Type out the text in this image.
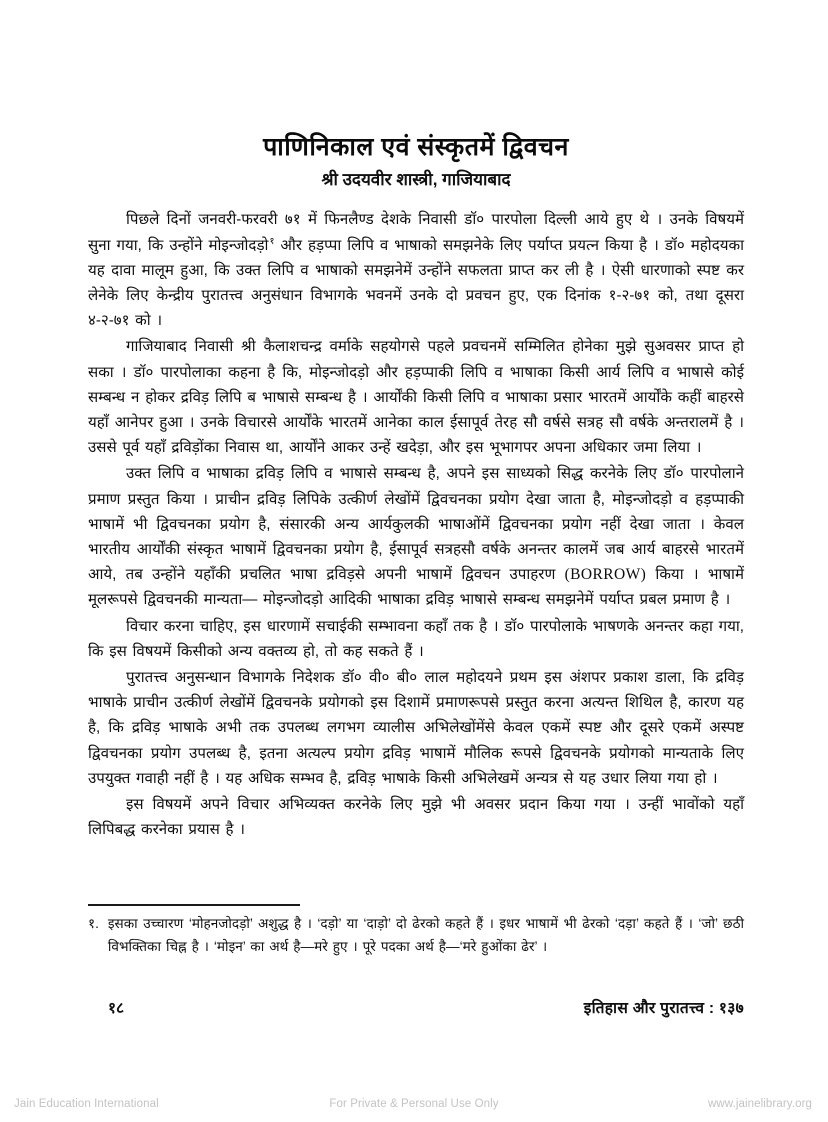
पाणिनिकाल एवं संस्कृतमें द्विवचन
श्री उदयवीर शास्त्री, गाजियाबाद

पिछले दिनों जनवरी-फरवरी ७१ में फिनलैण्ड देशके निवासी डॉ० पारपोला दिल्ली आये हुए थे । उनके विषयमें सुना गया, कि उन्होंने मोइन्जोदड़ो$^१$ और हड़प्पा लिपि व भाषाको समझनेके लिए पर्याप्त प्रयत्न किया है । डॉ० महोदयका यह दावा मालूम हुआ, कि उक्त लिपि व भाषाको समझनेमें उन्होंने सफलता प्राप्त कर ली है । ऐसी धारणाको स्पष्ट कर लेनेके लिए केन्द्रीय पुरातत्त्व अनुसंधान विभागके भवनमें उनके दो प्रवचन हुए, एक दिनांक १-२-७१ को, तथा दूसरा ४-२-७१ को ।

गाजियाबाद निवासी श्री कैलाशचन्द्र वर्माके सहयोगसे पहले प्रवचनमें सम्मिलित होनेका मुझे सुअवसर प्राप्त हो सका । डॉ० पारपोलाका कहना है कि, मोइन्जोदड़ो और हड़प्पाकी लिपि व भाषाका किसी आर्य लिपि व भाषासे कोई सम्बन्ध न होकर द्रविड़ लिपि ब भाषासे सम्बन्ध है । आर्योंकी किसी लिपि व भाषाका प्रसार भारतमें आर्योंके कहीं बाहरसे यहाँ आनेपर हुआ । उनके विचारसे आर्योंके भारतमें आनेका काल ईसापूर्व तेरह सौ वर्षसे सत्रह सौ वर्षके अन्तरालमें है । उससे पूर्व यहाँ द्रविड़ोंका निवास था, आर्योंने आकर उन्हें खदेड़ा, और इस भूभागपर अपना अधिकार जमा लिया ।

उक्त लिपि व भाषाका द्रविड़ लिपि व भाषासे सम्बन्ध है, अपने इस साध्यको सिद्ध करनेके लिए डॉ० पारपोलाने प्रमाण प्रस्तुत किया । प्राचीन द्रविड़ लिपिके उत्कीर्ण लेखोंमें द्विवचनका प्रयोग देखा जाता है, मोइन्जोदड़ो व हड़प्पाकी भाषामें भी द्विवचनका प्रयोग है, संसारकी अन्य आर्यकुलकी भाषाओंमें द्विवचनका प्रयोग नहीं देखा जाता । केवल भारतीय आर्योंकी संस्कृत भाषामें द्विवचनका प्रयोग है, ईसापूर्व सत्रहसौ वर्षके अनन्तर कालमें जब आर्य बाहरसे भारतमें आये, तब उन्होंने यहाँकी प्रचलित भाषा द्रविड़से अपनी भाषामें द्विवचन उपाहरण (BORROW) किया । भाषामें मूलरूपसे द्विवचनकी मान्यता— मोइन्जोदड़ो आदिकी भाषाका द्रविड़ भाषासे सम्बन्ध समझनेमें पर्याप्त प्रबल प्रमाण है ।

विचार करना चाहिए, इस धारणामें सचाईकी सम्भावना कहाँ तक है । डॉ० पारपोलाके भाषणके अनन्तर कहा गया, कि इस विषयमें किसीको अन्य वक्तव्य हो, तो कह सकते हैं ।

पुरातत्त्व अनुसन्धान विभागके निदेशक डॉ० वी० बी० लाल महोदयने प्रथम इस अंशपर प्रकाश डाला, कि द्रविड़ भाषाके प्राचीन उत्कीर्ण लेखोंमें द्विवचनके प्रयोगको इस दिशामें प्रमाणरूपसे प्रस्तुत करना अत्यन्त शिथिल है, कारण यह है, कि द्रविड़ भाषाके अभी तक उपलब्ध लगभग व्यालीस अभिलेखोंमेंसे केवल एकमें स्पष्ट और दूसरे एकमें अस्पष्ट द्विवचनका प्रयोग उपलब्ध है, इतना अत्यल्प प्रयोग द्रविड़ भाषामें मौलिक रूपसे द्विवचनके प्रयोगको मान्यताके लिए उपयुक्त गवाही नहीं है । यह अधिक सम्भव है, द्रविड़ भाषाके किसी अभिलेखमें अन्यत्र से यह उधार लिया गया हो ।

इस विषयमें अपने विचार अभिव्यक्त करनेके लिए मुझे भी अवसर प्रदान किया गया । उन्हीं भावोंको यहाँ लिपिबद्ध करनेका प्रयास है ।

१. इसका उच्चारण ‘मोहनजोदड़ो’ अशुद्ध है । ‘दड़ो’ या ‘दाड़ो’ दो ढेरको कहते हैं । इधर भाषामें भी ढेरको ‘दड़ा’ कहते हैं । ‘जो’ छठी विभक्तिका चिह्न है । ‘मोइन’ का अर्थ है—मरे हुए । पूरे पदका अर्थ है—‘मरे हुओंका ढेर’ ।
१८	इतिहास और पुरातत्त्व : १३७
Jain Education International	For Private & Personal Use Only	www.jainelibrary.org
